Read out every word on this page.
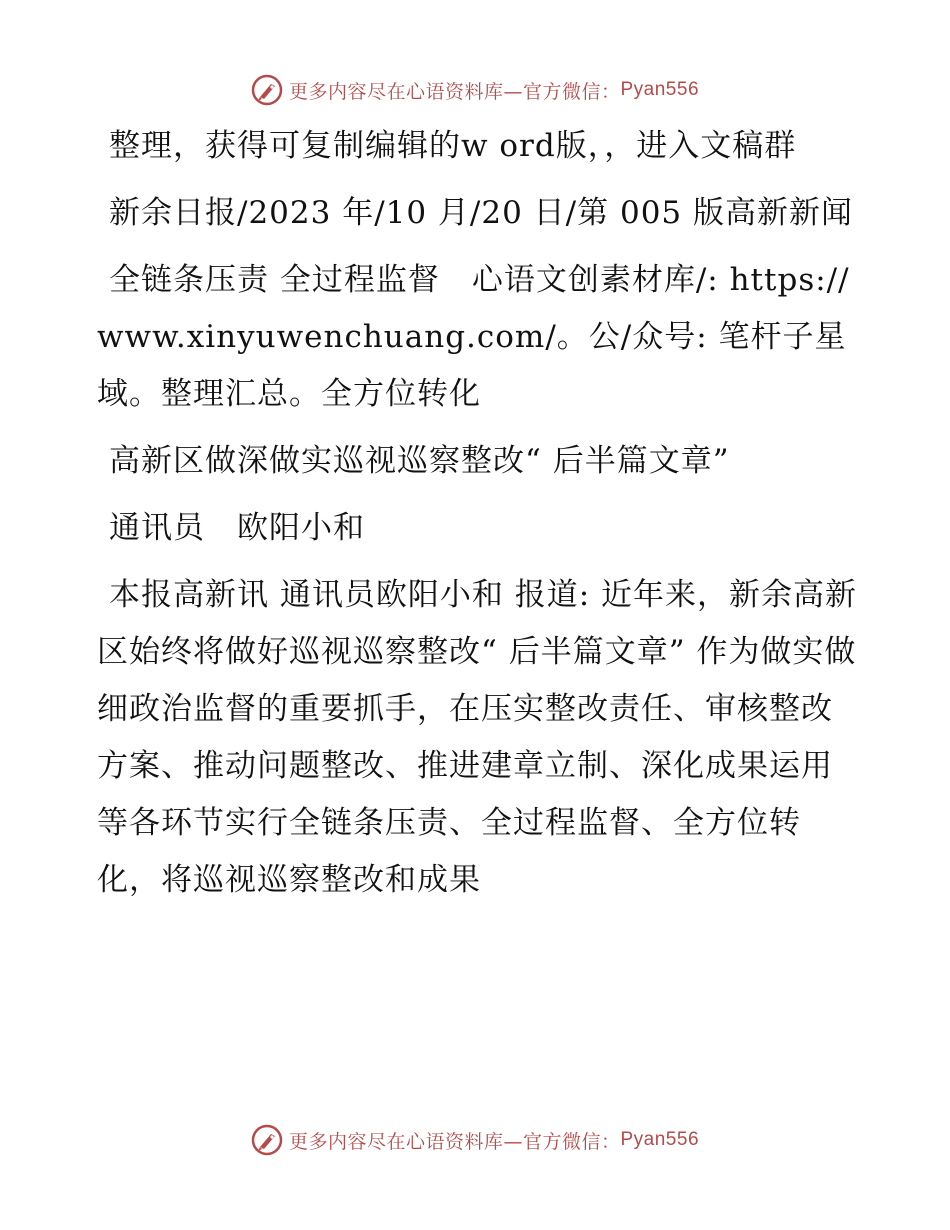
更多内容尽在心语资料库—官方微信： Pyan556

整理，获得可复制编辑的w ord版，，进入文稿群

新余日报/2023 年/10 月/20 日/第 005 版高新新闻

全链条压责 全过程监督　心语文创素材库/: https://www.xinyuwenchuang.com/。公/众号: 笔杆子星域。整理汇总。全方位转化

高新区做深做实巡视巡察整改“ 后半篇文章”

通讯员　欧阳小和

本报高新讯 通讯员欧阳小和 报道: 近年来，新余高新区始终将做好巡视巡察整改“ 后半篇文章” 作为做实做细政治监督的重要抓手，在压实整改责任、审核整改方案、推动问题整改、推进建章立制、深化成果运用等各环节实行全链条压责、全过程监督、全方位转化，将巡视巡察整改和成果

更多内容尽在心语资料库—官方微信： Pyan556
